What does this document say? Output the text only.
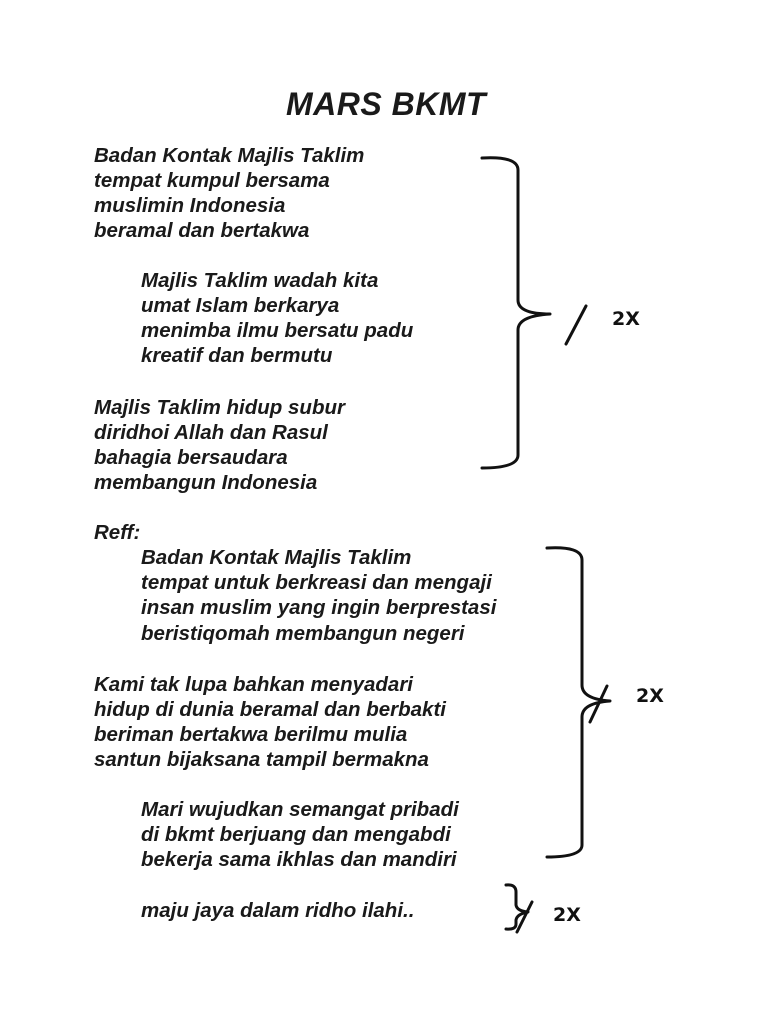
MARS BKMT
Badan Kontak Majlis Taklim
tempat kumpul bersama
muslimin Indonesia
beramal dan bertakwa
Majlis Taklim wadah kita
umat Islam berkarya
menimba ilmu bersatu padu
kreatif dan bermutu
Majlis Taklim hidup subur
diridhoi Allah dan Rasul
bahagia bersaudara
membangun Indonesia
Reff:
Badan Kontak Majlis Taklim
tempat untuk berkreasi dan mengaji
insan muslim yang ingin berprestasi
beristiqomah membangun negeri
Kami tak lupa bahkan menyadari
hidup di dunia beramal dan berbakti
beriman bertakwa berilmu mulia
santun bijaksana tampil bermakna
Mari wujudkan semangat pribadi
di bkmt berjuang dan mengabdi
bekerja sama ikhlas dan mandiri
maju jaya dalam ridho ilahi..
2X
2X
2X
